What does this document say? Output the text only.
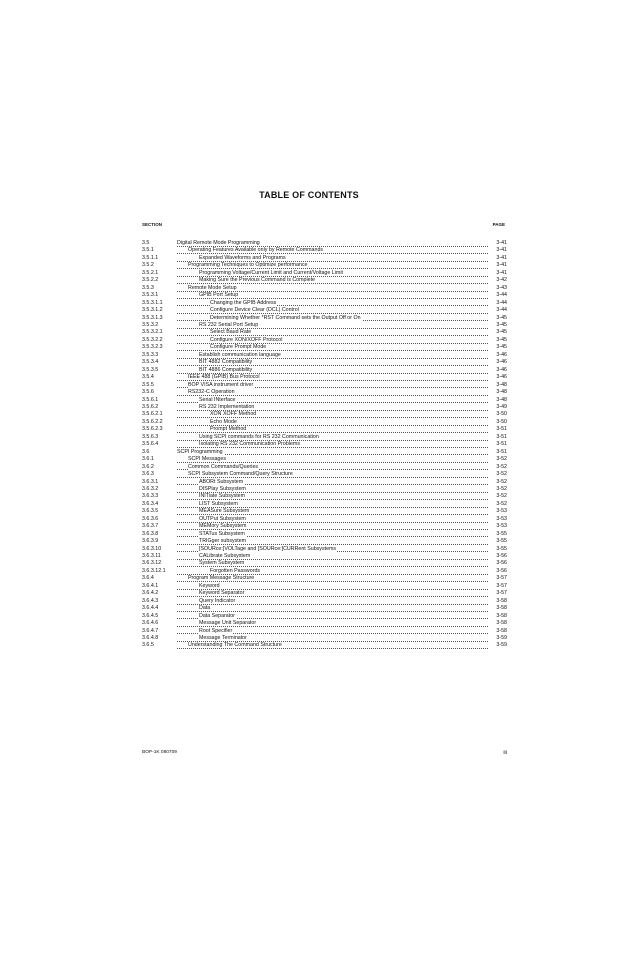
TABLE OF CONTENTS
SECTION	PAGE
3.5	Digital Remote Mode Programming	3-41
3.5.1	Operating Features Available only by Remote Commands	3-41
3.5.1.1	Expanded Waveforms and Programs	3-41
3.5.2	Programming Techniques to Optimize performance	3-41
3.5.2.1	Programming Voltage/Current Limit and Current/Voltage Limit	3-41
3.5.2.2	Making Sure the Previous Command is Complete	3-42
3.5.3	Remote Mode Setup	3-43
3.5.3.1	GPIB Port Setup	3-44
3.5.3.1.1	Changing the GPIB Address	3-44
3.5.3.1.2	Configure Device Clear (DCL) Control	3-44
3.5.3.1.3	Determining Whether *RST Command sets the Output Off or On	3-45
3.5.3.2	RS 232 Serial Port Setup	3-45
3.5.3.2.1	Select Baud Rate	3-45
3.5.3.2.2	Configure XON/XOFF Protocol	3-45
3.5.3.2.3	Configure Prompt Mode	3-45
3.5.3.3	Establish communication language	3-46
3.5.3.4	BIT 4882 Compatibility	3-46
3.5.3.5	BIT 4886 Compatibility	3-46
3.5.4	IEEE 488 (GPIB) Bus Protocol	3-46
3.5.5	BOP VISA instrument driver	3-48
3.5.6	RS232-C Operation	3-48
3.5.6.1	Serial INterface	3-48
3.5.6.2	RS 232 Implementation	3-49
3.5.6.2.1	XON XOFF Method	3-50
3.5.6.2.2	Echo Mode	3-50
3.5.6.2.3	Prompt Method	3-51
3.5.6.3	Using SCPI commands for RS 232 Communication	3-51
3.5.6.4	Isolating RS 232 Communication Problems	3-51
3.6	SCPI Programming	3-51
3.6.1	SCPI Messages	3-52
3.6.2	Common Commands/Queries	3-52
3.6.3	SCPI Subsystem Command/Query Structure	3-52
3.6.3.1	ABORt Subsystem	3-52
3.6.3.2	DISPlay Subsystem	3-52
3.6.3.3	INITiate Subsystem	3-52
3.6.3.4	LIST Subsystem	3-52
3.6.3.5	MEASure Subsystem	3-53
3.6.3.6	OUTPut Subsystem	3-53
3.6.3.7	MEMory Subsystem	3-53
3.6.3.8	STATus Subsystem	3-55
3.6.3.9	TRIGger subsystem	3-55
3.6.3.10	[SOURce:]VOLTage and [SOURce:]CURRent Subsystems	3-55
3.6.3.11	CALibrate Subsystem	3-56
3.6.3.12	System Subsystem	3-56
3.6.3.12.1	Forgotten Passwords	3-56
3.6.4	Program Message Structure	3-57
3.6.4.1	Keyword	3-57
3.6.4.2	Keyword Separator	3-57
3.6.4.3	Query Indicator	3-58
3.6.4.4	Data	3-58
3.6.4.5	Data Separator	3-58
3.6.4.6	Message Unit Separator	3-58
3.6.4.7	Root Specifier	3-58
3.6.4.8	Message Terminator	3-59
3.6.5	Understanding The Command Structure	3-59
BOP-1K 080709	iii
